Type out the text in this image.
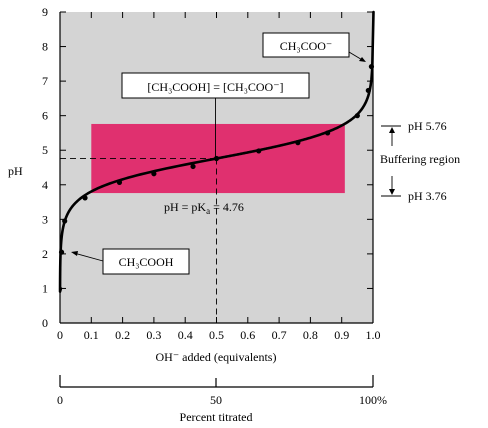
0 0.1 0.2 0.3 0.4 0.5 0.6 0.7 0.8 0.9 1.0
0
1
2
3
4
5
6
7
8
9
pH
OH⁻ added (equivalents)
CH₃COO⁻
[CH₃COOH] = [CH₃COO⁻]
CH₃COOH
pH = $pK_a = 4.76$
pH 5.76
Buffering region
pH 3.76
0	50	100%
Percent titrated
